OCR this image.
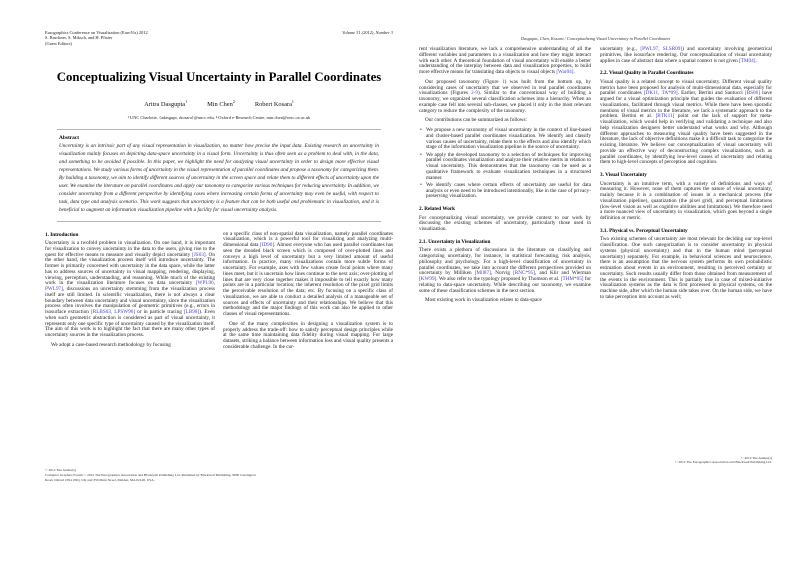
Eurographics Conference on Visualization (EuroVis) 2012
S. Bruckner, S. Miksch, and H. Pfister
(Guest Editors)
Volume 31 (2012), Number 3
Conceptualizing Visual Uncertainty in Parallel Coordinates
Aritra Dasgupta$^1$	Min Chen$^2$	Robert Kosara$^1$
¹ UNC Charlotte, {adasgupt, rkosara}@uncc.edu, ² Oxford e-Research Centre, min.chen@oerc.ox.ac.uk
Abstract

Uncertainty is an intrinsic part of any visual representation in visualization, no matter how precise the input data. Existing research on uncertainty in visualization mainly focuses on depicting data-space uncertainty in a visual form. Uncertainty is thus often seen as a problem to deal with, in the data, and something to be avoided if possible. In this paper, we highlight the need for analyzing visual uncertainty in order to design more effective visual representations. We study various forms of uncertainty in the visual representation of parallel coordinates and propose a taxonomy for categorizing them. By building a taxonomy, we aim to identify different sources of uncertainty in the screen space and relate them to different effects of uncertainty upon the user. We examine the literature on parallel coordinates and apply our taxonomy to categorize various techniques for reducing uncertainty. In addition, we consider uncertainty from a different perspective by identifying cases where increasing certain forms of uncertainty may even be useful, with respect to task, data type and analysis scenario. This work suggests that uncertainty is a feature that can be both useful and problematic in visualization, and it is beneficial to augment an information visualization pipeline with a facility for visual uncertainty analysis.

1. Introduction

Uncertainty is a twofold problem in visualization. On one hand, it is important for visualization to convey uncertainty in the data to the users, giving rise to the quest for effective means to measure and visually depict uncertainty [JS03]. On the other hand, the visualization process itself will introduce uncertainty. The former is primarily concerned with uncertainty in the data space, while the latter has to address sources of uncertainty in visual mapping, rendering, displaying, viewing, perception, understanding, and reasoning. While much of the existing work in the visualization literature focuses on data uncertainty [WPL96, PWL97], discussions on uncertainty stemming from the visualization process itself are still limited. In scientific visualization, there is not always a clear boundary between data uncertainty and visual uncertainty, since the visualization process often involves the manipulation of geometric primitives (e.g., errors in isosurface extraction [RLBS03, LPSW96] or in particle tracing [LB98]). Even when such geometric abstraction is considered as part of visual uncertainty, it represents only one specific type of uncertainty caused by the visualization itself. The aim of this work is to highlight the fact that there are many other types of uncertainty sources in the visualization process.

We adopt a case-based research methodology by focusing

on a specific class of non-spatial data visualization, namely parallel coordinates visualization, which is a powerful tool for visualizing and analyzing multi-dimensional data [ID90]. Almost everyone who has used parallel coordinates has seen the dreaded black screen which is composed of over-plotted lines and conveys a high level of uncertainty but a very limited amount of useful information. In practice, many visualizations contain more subtle forms of uncertainty. For example, axes with few values create focal points where many lines meet, but it is uncertain how lines continue to the next axis; over-plotting of lines that are very close together makes it impossible to tell exactly how many points are in a particular location; the inherent resolution of the pixel grid limits the perceivable resolution of the data; etc. By focusing on a specific class of visualization, we are able to conduct a detailed analysis of a manageable set of sources and effects of uncertainty and their relationships. We believe that this methodology and the major findings of this work can also be applied to other classes of visual representations.

One of the many complexities in designing a visualization system is to properly address the trade-off: how to satisfy perceptual design principles while at the same time maintaining data fidelity during visual mapping. For large datasets, striking a balance between information loss and visual quality presents a considerable challenge. In the cur-

© 2012 The Author(s)
Computer Graphics Forum © 2012 The Eurographics Association and Blackwell Publishing Ltd. Published by Blackwell Publishing, 9600 Garsington Road, Oxford OX4 2DQ, UK and 350 Main Street, Malden, MA 02148, USA.
Dasgupta, Chen, Kosara / Conceptualizing Visual Uncertainty in Parallel Coordinates

rent visualization literature, we lack a comprehensive understanding of all the different variables and parameters in a visualization and how they might interact with each other. A theoretical foundation of visual uncertainty will enable a better understanding of the interplay between data and visualization properties, to build more effective means for translating data objects to visual objects [War04].

Our proposed taxonomy (Figure 1) was built from the bottom up, by considering cases of uncertainty that we observed in real parallel coordinates visualizations (Figures 2-9). Similar to the conventional way of building a taxonomy, we organized several classification schemes into a hierarchy. When an example case fell into several sub-classes, we placed it only in the most relevant category to reduce the complexity of the taxonomy.

Our contributions can be summarized as follows:

• We propose a new taxonomy of visual uncertainty in the context of line-based and cluster-based parallel coordinates visualization. We identify and classify various causes of uncertainty, relate them to the effects and also identify which stage of the information visualization pipeline is the source of uncertainty.
• We apply the developed taxonomy to a selection of techniques for improving parallel coordinates visualization and analyze their relative merits in relation to visual uncertainty. This demonstrates that the taxonomy can be used as a qualitative framework to evaluate visualization techniques in a structured manner.
• We identify cases where certain effects of uncertainty are useful for data analysis or even need to be introduced intentionally, like in the case of privacy-preserving visualization.
2. Related Work

For conceptualizing visual uncertainty, we provide context to our work by discussing the existing schemes of uncertainty, particularly those used in visualization.

2.1. Uncertainty in Visualization

There exists a plethora of discussions in the literature on classifying and categorizing uncertainty, for instance, in statistical forecasting, risk analysis, philosophy and psychology. For a high-level classification of uncertainty in parallel coordinates, we take into account the different perspectives provided on uncertainty by Milliken [Mil87], Norvig [RNC*95], and Klir and Wierman [KW99]. We also refer to the typology proposed by Thomson et al. [THM*05] for relating to data-space uncertainty. While describing our taxonomy, we examine some of these classification schemes in the next section.

Most existing work in visualization relates to data-space

uncertainty (e.g., [PWL97, SLSR09]) and uncertainty involving geometrical primitives, like isosurface rendering. Our conceptualization of visual uncertainty applies in case of abstract data where a spatial context is not given [TM04].

2.2. Visual Quality in Parallel Coordinates

Visual quality is a related concept to visual uncertainty. Different visual quality metrics have been proposed for analysis of multi-dimensional data, especially for parallel coordinates [DK11, TA*09]. Earlier, Bertini and Santucci [BS06] have argued for a visual optimization principle that guides the evaluation of different visualizations, facilitated through visual metrics. While there have been sporadic mentions of visual metrics in the literature, we lack a systematic approach to the problem. Bertini et al. [BTK11] point out the lack of support for meta-visualization, which would help in verifying and validating a technique and also help visualization designers better understand what works and why. Although different approaches to measuring visual quality have been suggested in the literature, the lack of objective definitions make it a difficult task to categorize the existing literature. We believe our conceptualization of visual uncertainty will provide an effective way of deconstructing complex visualizations, such as parallel coordinates, by identifying low-level causes of uncertainty and relating them to high-level concepts of perception and cognition.

3. Visual Uncertainty

Uncertainty is an intuitive term, with a variety of definitions and ways of measuring it. However, none of them captures the nature of visual uncertainty, mainly because it is a combination of issues in a mechanical process (the visualization pipeline), quantization (the pixel grid), and perceptual limitations (low-level vision as well as cognitive abilities and limitations). We therefore need a more nuanced view of uncertainty in visualization, which goes beyond a single definition or metric.

3.1. Physical vs. Perceptual Uncertainty

Two existing schemes of uncertainty are most relevant for deciding our top-level classification. One such categorization is to consider uncertainty in physical systems (physical uncertainty) and that in the human mind (perceptual uncertainty) separately. For example, in behavioral sciences and neuroscience, there is an assumption that the nervous system performs its own probabilistic estimation about events in an environment, resulting in perceived certainty or uncertainty. Such results usually differ from those obtained from measurement of the events in the environment. This is partially true in case of mixed-initiative visualization systems as the data is first processed in physical systems, on the machine side, after which the human side takes over. On the human side, we have to take perception into account as well;

© 2012 The Author(s)
© 2012 The Eurographics Association and Blackwell Publishing Ltd.
